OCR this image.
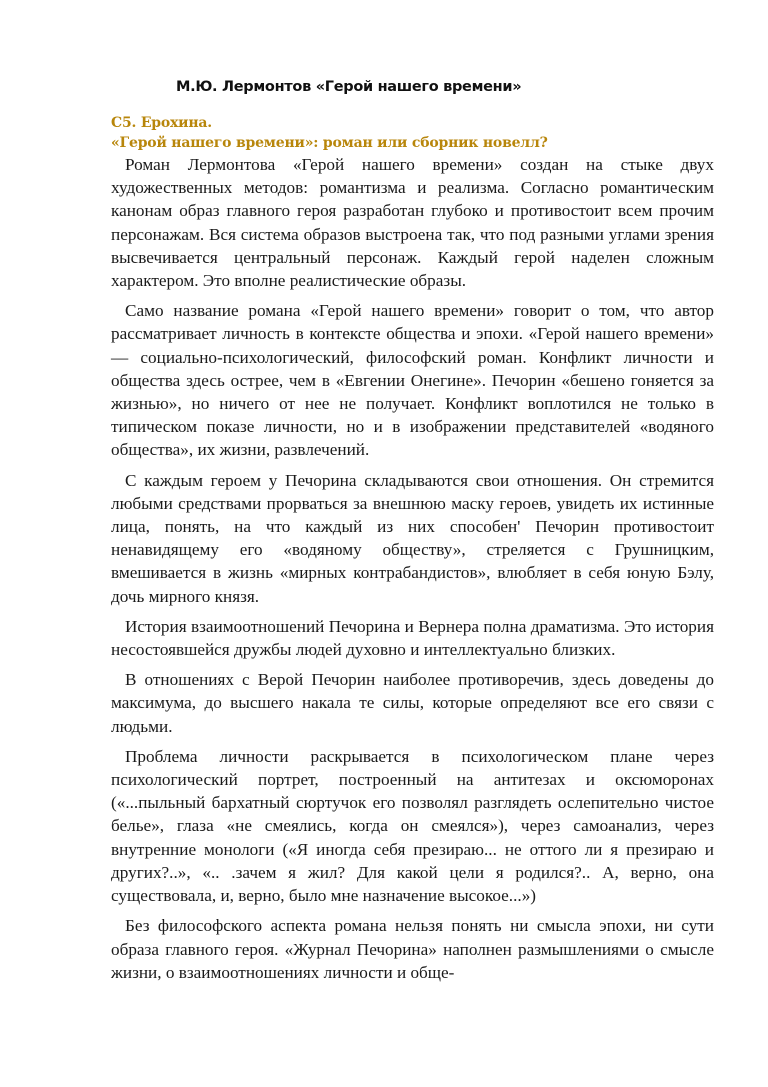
М.Ю. Лермонтов «Герой нашего времени»
С5. Ерохина.
«Герой нашего времени»: роман или сборник новелл?

Роман Лермонтова «Герой нашего времени» создан на стыке двух художественных методов: романтизма и реализма. Согласно романтическим канонам образ главного героя разработан глубоко и противостоит всем прочим персонажам. Вся система образов выстроена так, что под разными углами зрения высвечивается центральный персонаж. Каждый герой наделен сложным характером. Это вполне реалистические образы.

Само название романа «Герой нашего времени» говорит о том, что автор рассматривает личность в контексте общества и эпохи. «Герой нашего времени» — социально-психологический, философский роман. Конфликт личности и общества здесь острее, чем в «Евгении Онегине». Печорин «бешено гоняется за жизнью», но ничего от нее не получает. Конфликт воплотился не только в типическом показе личности, но и в изображении представителей «водяного общества», их жизни, развлечений.

С каждым героем у Печорина складываются свои отношения. Он стремится любыми средствами прорваться за внешнюю маску героев, увидеть их истинные лица, понять, на что каждый из них способен' Печорин противостоит ненавидящему его «водяному обществу», стреляется с Грушницким, вмешивается в жизнь «мирных контрабандистов», влюбляет в себя юную Бэлу, дочь мирного князя.

История взаимоотношений Печорина и Вернера полна драматизма. Это история несостоявшейся дружбы людей духовно и интеллектуально близких.

В отношениях с Верой Печорин наиболее противоречив, здесь доведены до максимума, до высшего накала те силы, которые определяют все его связи с людьми.

Проблема личности раскрывается в психологическом плане через психологический портрет, построенный на антитезах и оксюморонах («...пыльный бархатный сюртучок его позволял разглядеть ослепительно чистое белье», глаза «не смеялись, когда он смеялся»), через самоанализ, через внутренние монологи («Я иногда себя презираю... не оттого ли я презираю и других?..», «.. .зачем я жил? Для какой цели я родился?.. А, верно, она существовала, и, верно, было мне назначение высокое...»)

Без философского аспекта романа нельзя понять ни смысла эпохи, ни сути образа главного героя. «Журнал Печорина» наполнен размышлениями о смысле жизни, о взаимоотношениях личности и обще-
